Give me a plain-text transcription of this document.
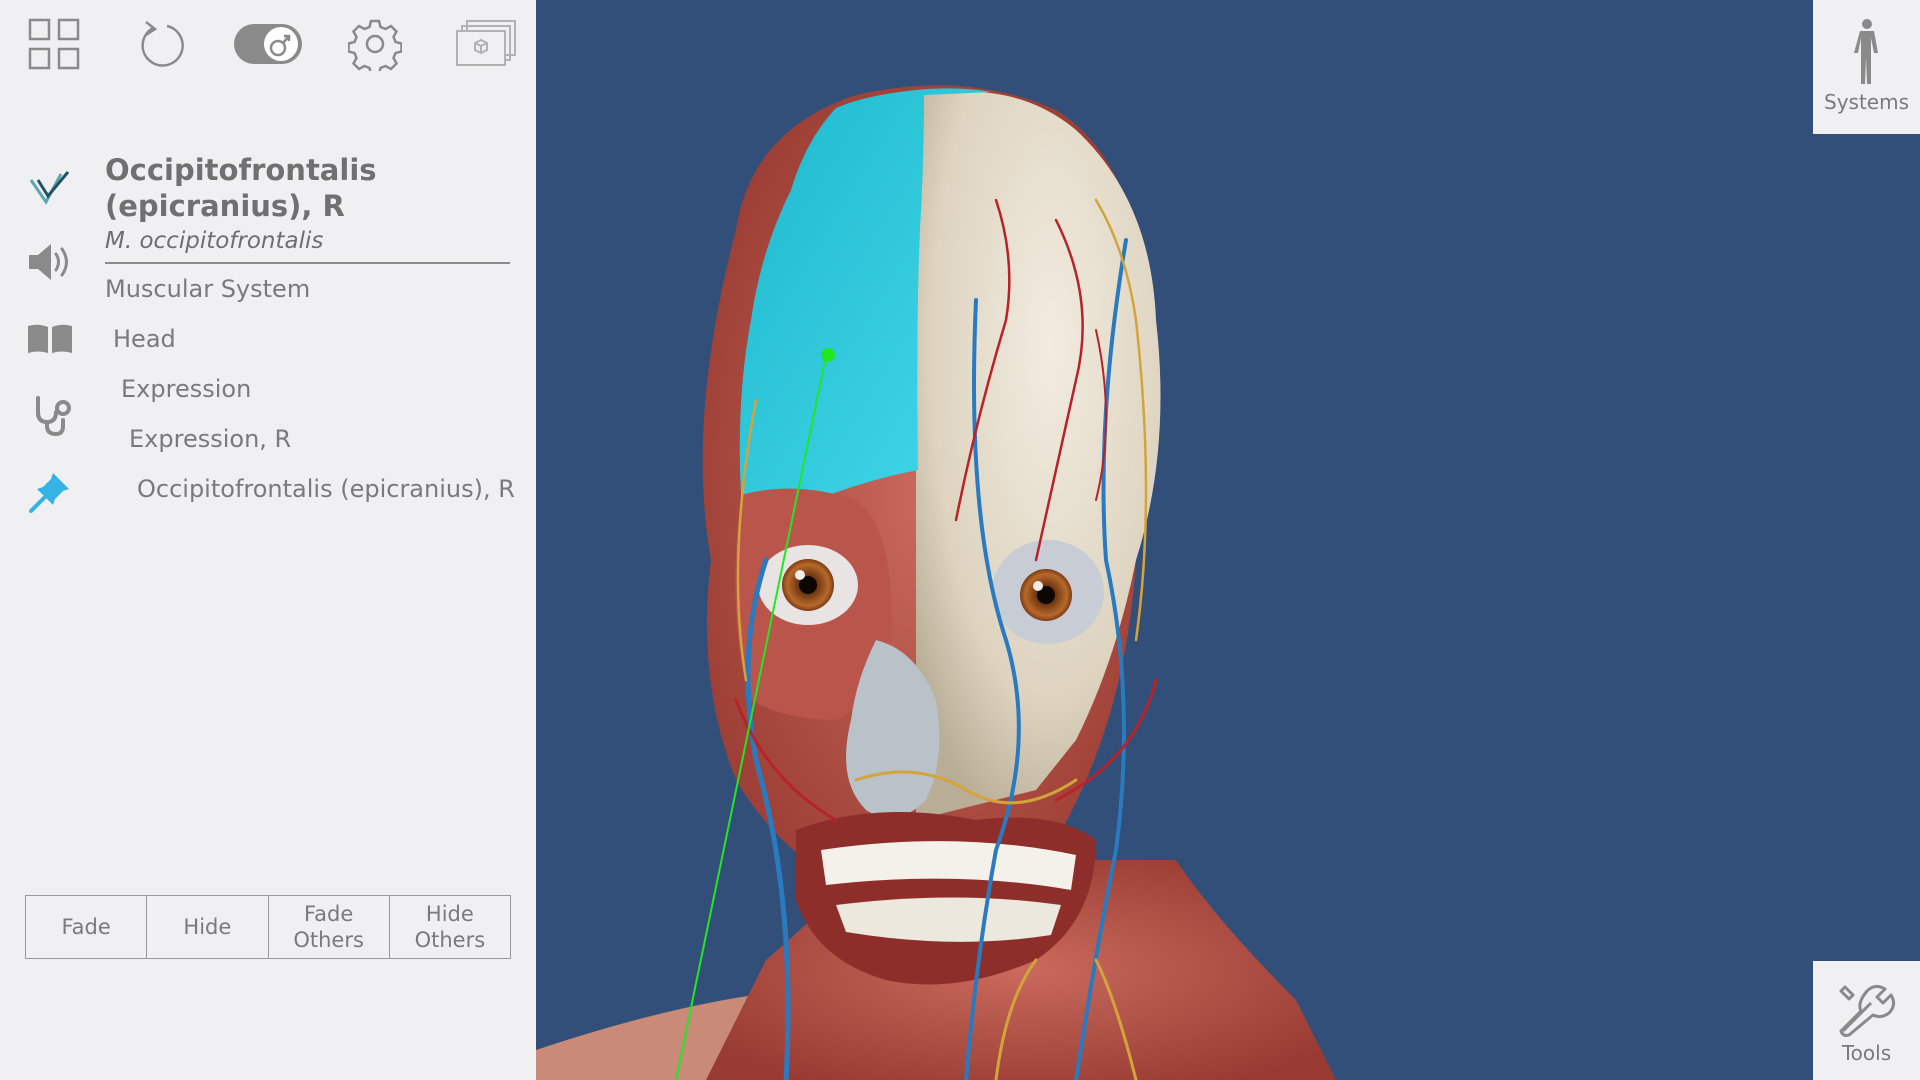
Occipitofrontalis
(epicranius), R
M. occipitofrontalis
Muscular System
Head
Expression
Expression, R
Occipitofrontalis (epicranius), R
Fade	Hide
Fade
Others
Hide
Others
Systems
Tools
